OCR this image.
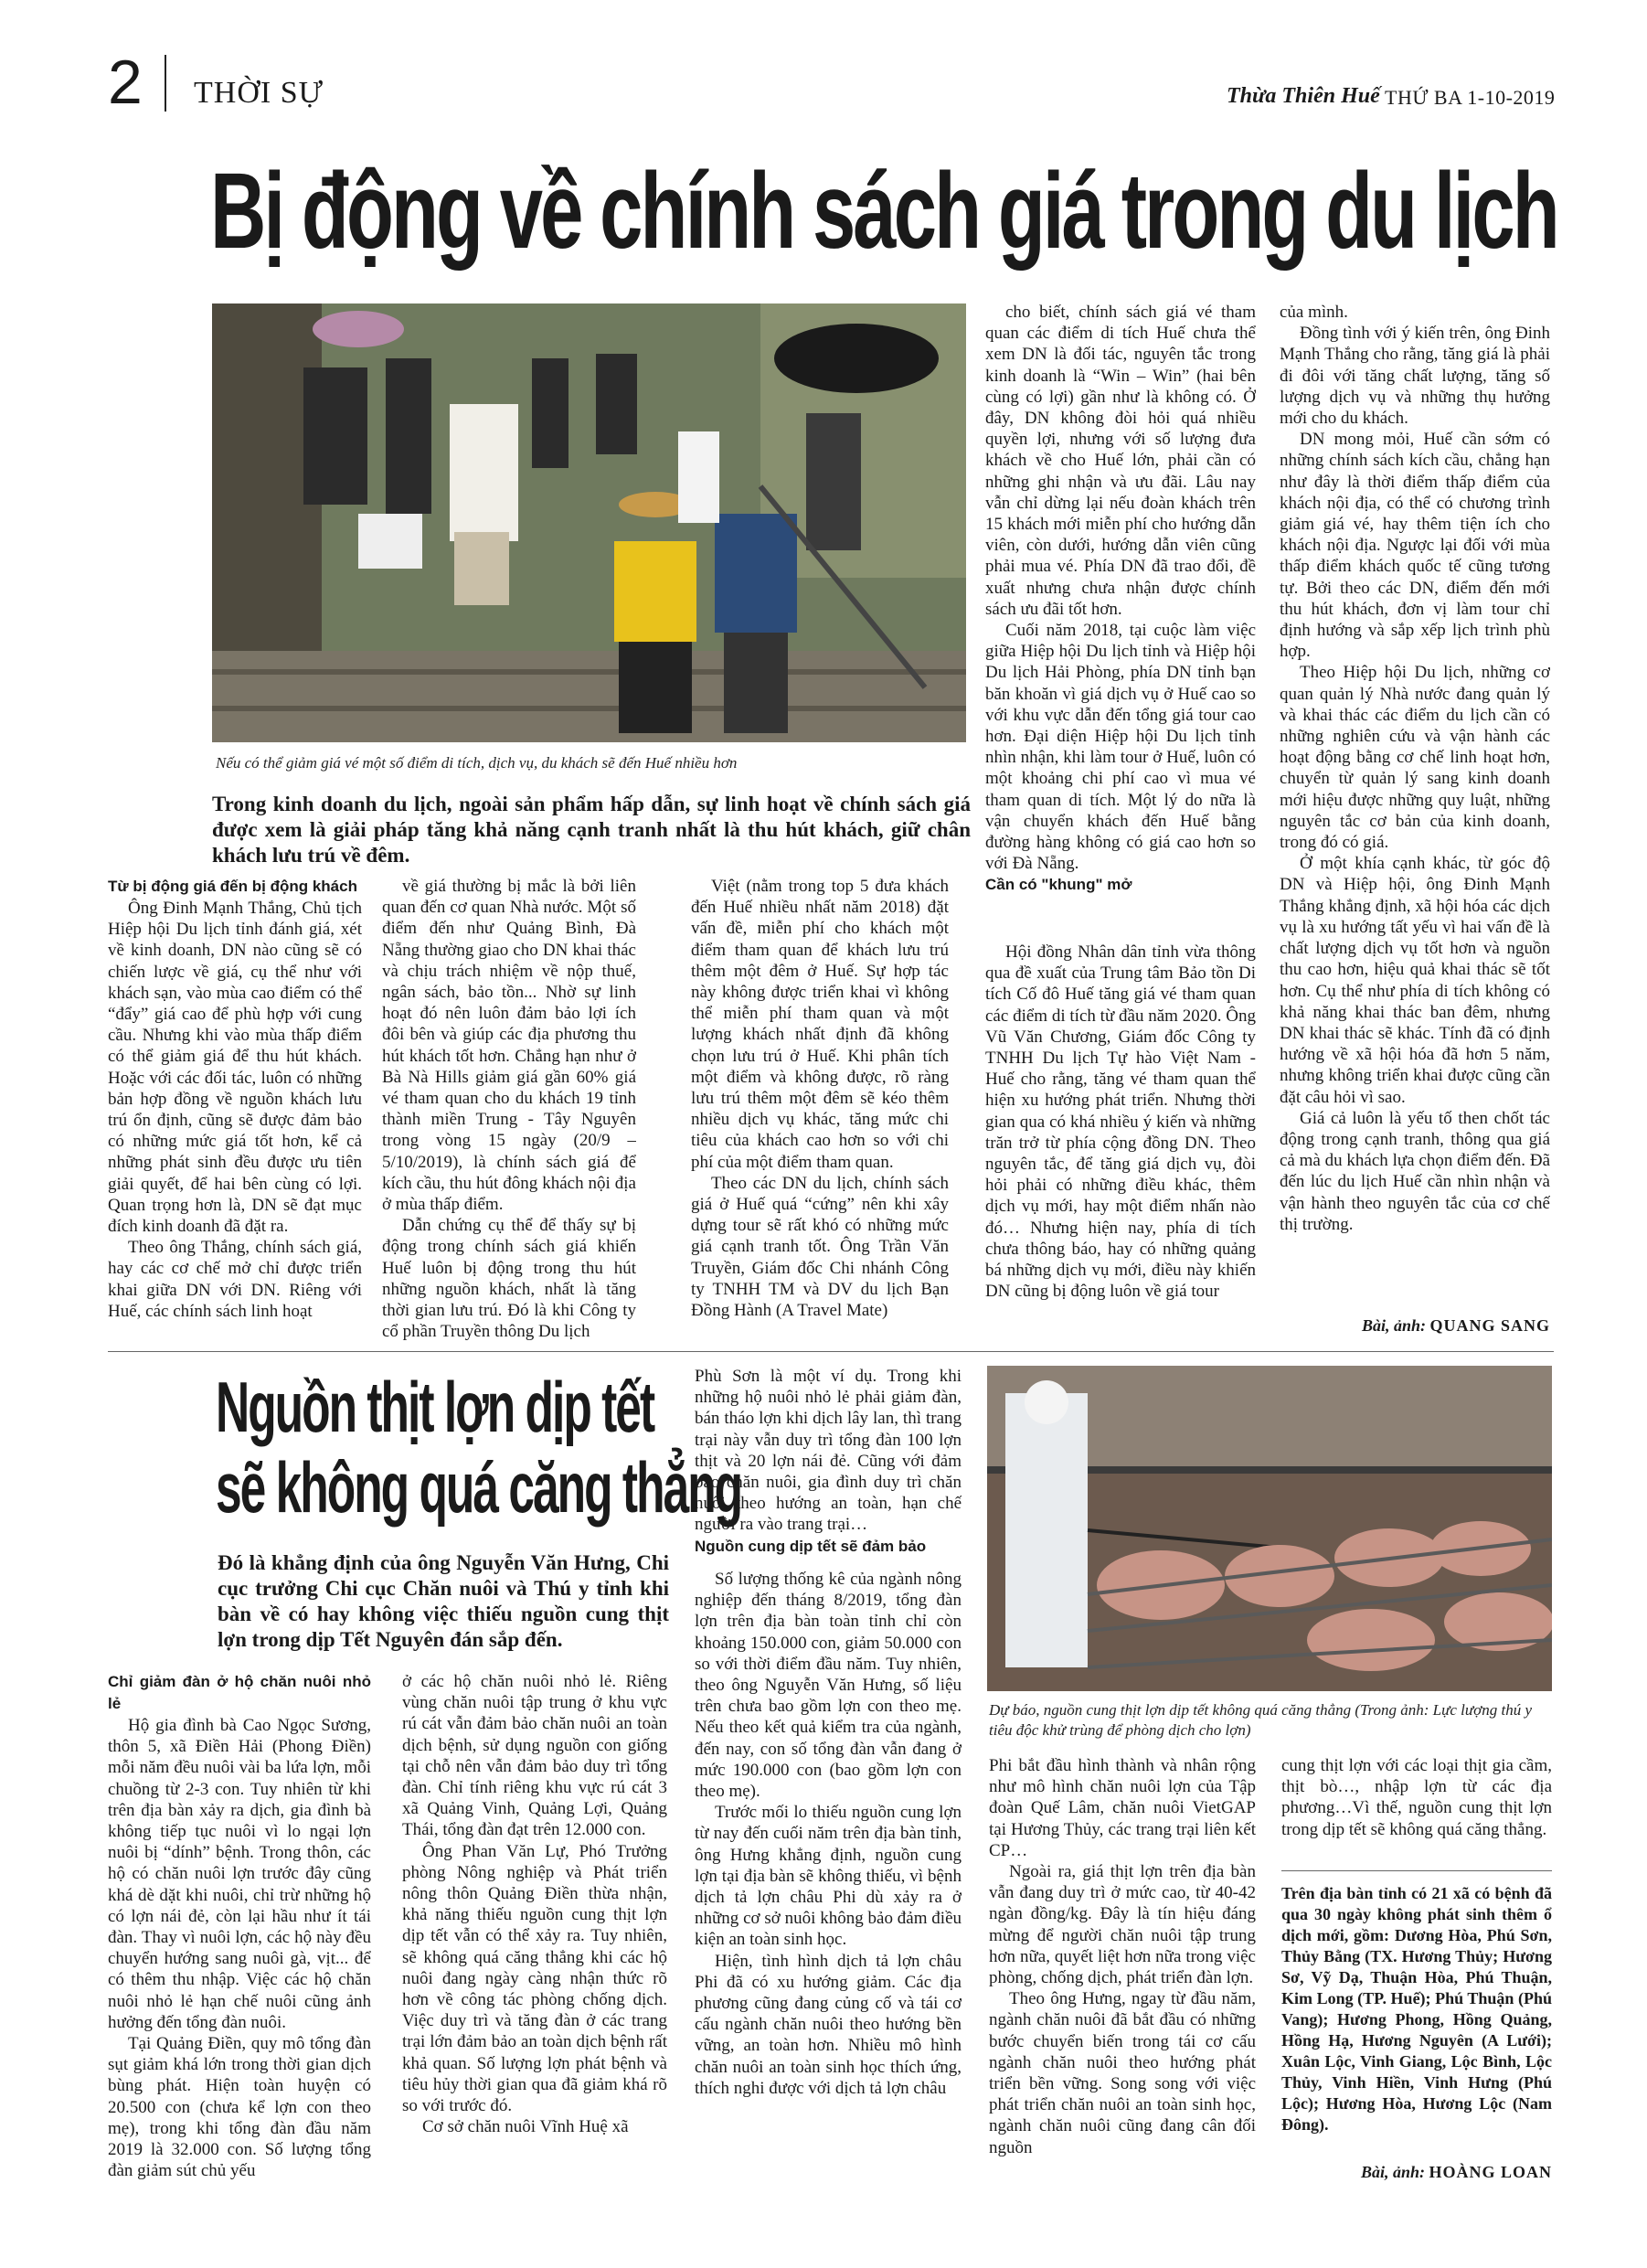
2 THỜI SỰ	Thừa Thiên Huế THỨ BA 1-10-2019
Bị động về chính sách giá trong du lịch
Nếu có thể giảm giá vé một số điểm di tích, dịch vụ, du khách sẽ đến Huế nhiều hơn
Trong kinh doanh du lịch, ngoài sản phẩm hấp dẫn, sự linh hoạt về chính sách giá được xem là giải pháp tăng khả năng cạnh tranh nhất là thu hút khách, giữ chân khách lưu trú về đêm.

Từ bị động giá đến bị động khách

Ông Đinh Mạnh Thắng, Chủ tịch Hiệp hội Du lịch tỉnh đánh giá, xét về kinh doanh, DN nào cũng sẽ có chiến lược về giá, cụ thể như với khách sạn, vào mùa cao điểm có thể “đẩy” giá cao để phù hợp với cung cầu. Nhưng khi vào mùa thấp điểm có thể giảm giá để thu hút khách. Hoặc với các đối tác, luôn có những bản hợp đồng về nguồn khách lưu trú ổn định, cũng sẽ được đảm bảo có những mức giá tốt hơn, kể cả những phát sinh đều được ưu tiên giải quyết, để hai bên cùng có lợi. Quan trọng hơn là, DN sẽ đạt mục đích kinh doanh đã đặt ra.

Theo ông Thắng, chính sách giá, hay các cơ chế mở chỉ được triển khai giữa DN với DN. Riêng với Huế, các chính sách linh hoạt

về giá thường bị mắc là bởi liên quan đến cơ quan Nhà nước. Một số điểm đến như Quảng Bình, Đà Nẵng thường giao cho DN khai thác và chịu trách nhiệm về nộp thuế, ngân sách, bảo tồn... Nhờ sự linh hoạt đó nên luôn đảm bảo lợi ích đôi bên và giúp các địa phương thu hút khách tốt hơn. Chẳng hạn như ở Bà Nà Hills giảm giá gần 60% giá vé tham quan cho du khách 19 tỉnh thành miền Trung - Tây Nguyên trong vòng 15 ngày (20/9 – 5/10/2019), là chính sách giá để kích cầu, thu hút đông khách nội địa ở mùa thấp điểm.

Dẫn chứng cụ thể để thấy sự bị động trong chính sách giá khiến Huế luôn bị động trong thu hút những nguồn khách, nhất là tăng thời gian lưu trú. Đó là khi Công ty cổ phần Truyền thông Du lịch

Việt (nằm trong top 5 đưa khách đến Huế nhiều nhất năm 2018) đặt vấn đề, miễn phí cho khách một điểm tham quan để khách lưu trú thêm một đêm ở Huế. Sự hợp tác này không được triển khai vì không thể miễn phí tham quan và một lượng khách nhất định đã không chọn lưu trú ở Huế. Khi phân tích một điểm và không được, rõ ràng lưu trú thêm một đêm sẽ kéo thêm nhiều dịch vụ khác, tăng mức chi tiêu của khách cao hơn so với chi phí của một điểm tham quan.

Theo các DN du lịch, chính sách giá ở Huế quá “cứng” nên khi xây dựng tour sẽ rất khó có những mức giá cạnh tranh tốt. Ông Trần Văn Truyền, Giám đốc Chi nhánh Công ty TNHH TM và DV du lịch Bạn Đồng Hành (A Travel Mate)

cho biết, chính sách giá vé tham quan các điểm di tích Huế chưa thể xem DN là đối tác, nguyên tắc trong kinh doanh là “Win – Win” (hai bên cùng có lợi) gần như là không có. Ở đây, DN không đòi hỏi quá nhiều quyền lợi, nhưng với số lượng đưa khách về cho Huế lớn, phải cần có những ghi nhận và ưu đãi. Lâu nay vẫn chỉ dừng lại nếu đoàn khách trên 15 khách mới miễn phí cho hướng dẫn viên, còn dưới, hướng dẫn viên cũng phải mua vé. Phía DN đã trao đổi, đề xuất nhưng chưa nhận được chính sách ưu đãi tốt hơn.

Cuối năm 2018, tại cuộc làm việc giữa Hiệp hội Du lịch tỉnh và Hiệp hội Du lịch Hải Phòng, phía DN tỉnh bạn băn khoăn vì giá dịch vụ ở Huế cao so với khu vực dẫn đến tổng giá tour cao hơn. Đại diện Hiệp hội Du lịch tỉnh nhìn nhận, khi làm tour ở Huế, luôn có một khoảng chi phí cao vì mua vé tham quan di tích. Một lý do nữa là vận chuyển khách đến Huế bằng đường hàng không có giá cao hơn so với Đà Nẵng.

Cần có "khung" mở

Hội đồng Nhân dân tỉnh vừa thông qua đề xuất của Trung tâm Bảo tồn Di tích Cố đô Huế tăng giá vé tham quan các điểm di tích từ đầu năm 2020. Ông Vũ Văn Chương, Giám đốc Công ty TNHH Du lịch Tự hào Việt Nam - Huế cho rằng, tăng vé tham quan thể hiện xu hướng phát triển. Nhưng thời gian qua có khá nhiều ý kiến và những trăn trở từ phía cộng đồng DN. Theo nguyên tắc, để tăng giá dịch vụ, đòi hỏi phải có những điều khác, thêm dịch vụ mới, hay một điểm nhấn nào đó… Nhưng hiện nay, phía di tích chưa thông báo, hay có những quảng bá những dịch vụ mới, điều này khiến DN cũng bị động luôn về giá tour

của mình.

Đồng tình với ý kiến trên, ông Đinh Mạnh Thắng cho rằng, tăng giá là phải đi đôi với tăng chất lượng, tăng số lượng dịch vụ và những thụ hưởng mới cho du khách.

DN mong mỏi, Huế cần sớm có những chính sách kích cầu, chẳng hạn như đây là thời điểm thấp điểm của khách nội địa, có thể có chương trình giảm giá vé, hay thêm tiện ích cho khách nội địa. Ngược lại đối với mùa thấp điểm khách quốc tế cũng tương tự. Bởi theo các DN, điểm đến mới thu hút khách, đơn vị làm tour chỉ định hướng và sắp xếp lịch trình phù hợp.

Theo Hiệp hội Du lịch, những cơ quan quản lý Nhà nước đang quản lý và khai thác các điểm du lịch cần có những nghiên cứu và vận hành các hoạt động bằng cơ chế linh hoạt hơn, chuyển từ quản lý sang kinh doanh mới hiệu được những quy luật, những nguyên tắc cơ bản của kinh doanh, trong đó có giá.

Ở một khía cạnh khác, từ góc độ DN và Hiệp hội, ông Đinh Mạnh Thắng khẳng định, xã hội hóa các dịch vụ là xu hướng tất yếu vì hai vấn đề là chất lượng dịch vụ tốt hơn và nguồn thu cao hơn, hiệu quả khai thác sẽ tốt hơn. Cụ thể như phía di tích không có khả năng khai thác ban đêm, nhưng DN khai thác sẽ khác. Tính đã có định hướng về xã hội hóa đã hơn 5 năm, nhưng không triển khai được cũng cần đặt câu hỏi vì sao.

Giá cả luôn là yếu tố then chốt tác động trong cạnh tranh, thông qua giá cả mà du khách lựa chọn điểm đến. Đã đến lúc du lịch Huế cần nhìn nhận và vận hành theo nguyên tắc của cơ chế thị trường.

Bài, ảnh: QUANG SANG
Nguồn thịt lợn dịp tết
sẽ không quá căng thẳng
Đó là khẳng định của ông Nguyễn Văn Hưng, Chi cục trưởng Chi cục Chăn nuôi và Thú y tỉnh khi bàn về có hay không việc thiếu nguồn cung thịt lợn trong dịp Tết Nguyên đán sắp đến.
Dự báo, nguồn cung thịt lợn dịp tết không quá căng thẳng (Trong ảnh: Lực lượng thú y tiêu độc khử trùng để phòng dịch cho lợn)

Chỉ giảm đàn ở hộ chăn nuôi nhỏ lẻ

Hộ gia đình bà Cao Ngọc Sương, thôn 5, xã Điền Hải (Phong Điền) mỗi năm đều nuôi vài ba lứa lợn, mỗi chuồng từ 2-3 con. Tuy nhiên từ khi trên địa bàn xảy ra dịch, gia đình bà không tiếp tục nuôi vì lo ngại lợn nuôi bị “dính” bệnh. Trong thôn, các hộ có chăn nuôi lợn trước đây cũng khá dè dặt khi nuôi, chỉ trừ những hộ có lợn nái đẻ, còn lại hầu như ít tái đàn. Thay vì nuôi lợn, các hộ này đều chuyển hướng sang nuôi gà, vịt... để có thêm thu nhập. Việc các hộ chăn nuôi nhỏ lẻ hạn chế nuôi cũng ảnh hưởng đến tổng đàn nuôi.

Tại Quảng Điền, quy mô tổng đàn sụt giảm khá lớn trong thời gian dịch bùng phát. Hiện toàn huyện có 20.500 con (chưa kể lợn con theo mẹ), trong khi tổng đàn đầu năm 2019 là 32.000 con. Số lượng tổng đàn giảm sút chủ yếu

ở các hộ chăn nuôi nhỏ lẻ. Riêng vùng chăn nuôi tập trung ở khu vực rú cát vẫn đảm bảo chăn nuôi an toàn dịch bệnh, sử dụng nguồn con giống tại chỗ nên vẫn đảm bảo duy trì tổng đàn. Chỉ tính riêng khu vực rú cát 3 xã Quảng Vinh, Quảng Lợi, Quảng Thái, tổng đàn đạt trên 12.000 con.

Ông Phan Văn Lự, Phó Trưởng phòng Nông nghiệp và Phát triển nông thôn Quảng Điền thừa nhận, khả năng thiếu nguồn cung thịt lợn dịp tết vẫn có thể xảy ra. Tuy nhiên, sẽ không quá căng thẳng khi các hộ nuôi đang ngày càng nhận thức rõ hơn về công tác phòng chống dịch. Việc duy trì và tăng đàn ở các trang trại lớn đảm bảo an toàn dịch bệnh rất khả quan. Số lượng lợn phát bệnh và tiêu hủy thời gian qua đã giảm khá rõ so với trước đó.

Cơ sở chăn nuôi Vĩnh Huệ xã

Phù Sơn là một ví dụ. Trong khi những hộ nuôi nhỏ lẻ phải giảm đàn, bán tháo lợn khi dịch lây lan, thì trang trại này vẫn duy trì tổng đàn 100 lợn thịt và 20 lợn nái đẻ. Cũng với đảm bảo chăn nuôi, gia đình duy trì chăn nuôi theo hướng an toàn, hạn chế người ra vào trang trại…

Nguồn cung dịp tết sẽ đảm bảo

Số lượng thống kê của ngành nông nghiệp đến tháng 8/2019, tổng đàn lợn trên địa bàn toàn tỉnh chỉ còn khoảng 150.000 con, giảm 50.000 con so với thời điểm đầu năm. Tuy nhiên, theo ông Nguyễn Văn Hưng, số liệu trên chưa bao gồm lợn con theo mẹ. Nếu theo kết quả kiểm tra của ngành, đến nay, con số tổng đàn vẫn đang ở mức 190.000 con (bao gồm lợn con theo mẹ).

Trước mối lo thiếu nguồn cung lợn từ nay đến cuối năm trên địa bàn tỉnh, ông Hưng khẳng định, nguồn cung lợn tại địa bàn sẽ không thiếu, vì bệnh dịch tả lợn châu Phi dù xảy ra ở những cơ sở nuôi không bảo đảm điều kiện an toàn sinh học.

Hiện, tình hình dịch tả lợn châu Phi đã có xu hướng giảm. Các địa phương cũng đang củng cố và tái cơ cấu ngành chăn nuôi theo hướng bền vững, an toàn hơn. Nhiều mô hình chăn nuôi an toàn sinh học thích ứng, thích nghi được với dịch tả lợn châu

Phi bắt đầu hình thành và nhân rộng như mô hình chăn nuôi lợn của Tập đoàn Quế Lâm, chăn nuôi VietGAP tại Hương Thủy, các trang trại liên kết CP…

Ngoài ra, giá thịt lợn trên địa bàn vẫn đang duy trì ở mức cao, từ 40-42 ngàn đồng/kg. Đây là tín hiệu đáng mừng để người chăn nuôi tập trung hơn nữa, quyết liệt hơn nữa trong việc phòng, chống dịch, phát triển đàn lợn.

Theo ông Hưng, ngay từ đầu năm, ngành chăn nuôi đã bắt đầu có những bước chuyển biến trong tái cơ cấu ngành chăn nuôi theo hướng phát triển bền vững. Song song với việc phát triển chăn nuôi an toàn sinh học, ngành chăn nuôi cũng đang cân đối nguồn

cung thịt lợn với các loại thịt gia cầm, thịt bò…, nhập lợn từ các địa phương…Vì thế, nguồn cung thịt lợn trong dịp tết sẽ không quá căng thẳng.

Trên địa bàn tỉnh có 21 xã có bệnh đã qua 30 ngày không phát sinh thêm ổ dịch mới, gồm: Dương Hòa, Phú Sơn, Thủy Bằng (TX. Hương Thủy; Hương Sơ, Vỹ Dạ, Thuận Hòa, Phú Thuận, Kim Long (TP. Huế); Phú Thuận (Phú Vang); Hương Phong, Hồng Quảng, Hồng Hạ, Hương Nguyên (A Lưới); Xuân Lộc, Vinh Giang, Lộc Bình, Lộc Thủy, Vinh Hiền, Vinh Hưng (Phú Lộc); Hương Hòa, Hương Lộc (Nam Đông).
Bài, ảnh: HOÀNG LOAN
